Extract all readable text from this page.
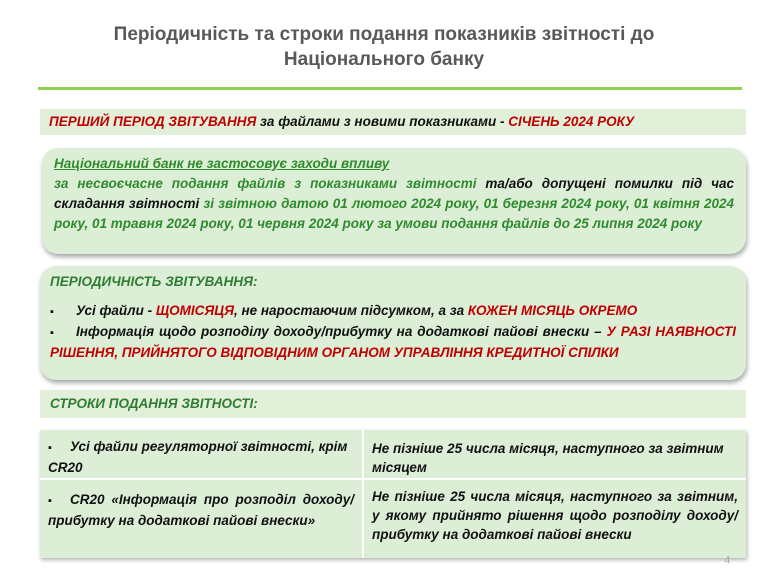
Періодичність та строки подання показників звітності до
Національного банку
ПЕРШИЙ ПЕРІОД ЗВІТУВАННЯ за файлами з новими показниками - СІЧЕНЬ 2024 РОКУ
Національний банк не застосовує заходи впливу
за несвоєчасне подання файлів з показниками звітності та/або допущені помилки під час складання звітності зі звітною датою 01 лютого 2024 року, 01 березня 2024 року, 01 квітня 2024 року, 01 травня 2024 року, 01 червня 2024 року за умови подання файлів до 25 липня 2024 року
ПЕРІОДИЧНІСТЬ ЗВІТУВАННЯ:
▪ Усі файли - ЩОМІСЯЦЯ, не наростаючим підсумком, а за КОЖЕН МІСЯЦЬ ОКРЕМО
▪ Інформація щодо розподілу доходу/прибутку на додаткові пайові внески – У РАЗІ НАЯВНОСТІ РІШЕННЯ, ПРИЙНЯТОГО ВІДПОВІДНИМ ОРГАНОМ УПРАВЛІННЯ КРЕДИТНОЇ СПІЛКИ
СТРОКИ ПОДАННЯ ЗВІТНОСТІ:
▪ Усі файли регуляторної звітності, крім CR20
Не пізніше 25 числа місяця, наступного за звітним місяцем
▪ CR20 «Інформація про розподіл доходу/прибутку на додаткові пайові внески»
Не пізніше 25 числа місяця, наступного за звітним, у якому прийнято рішення щодо розподілу доходу/прибутку на додаткові пайові внески
4
